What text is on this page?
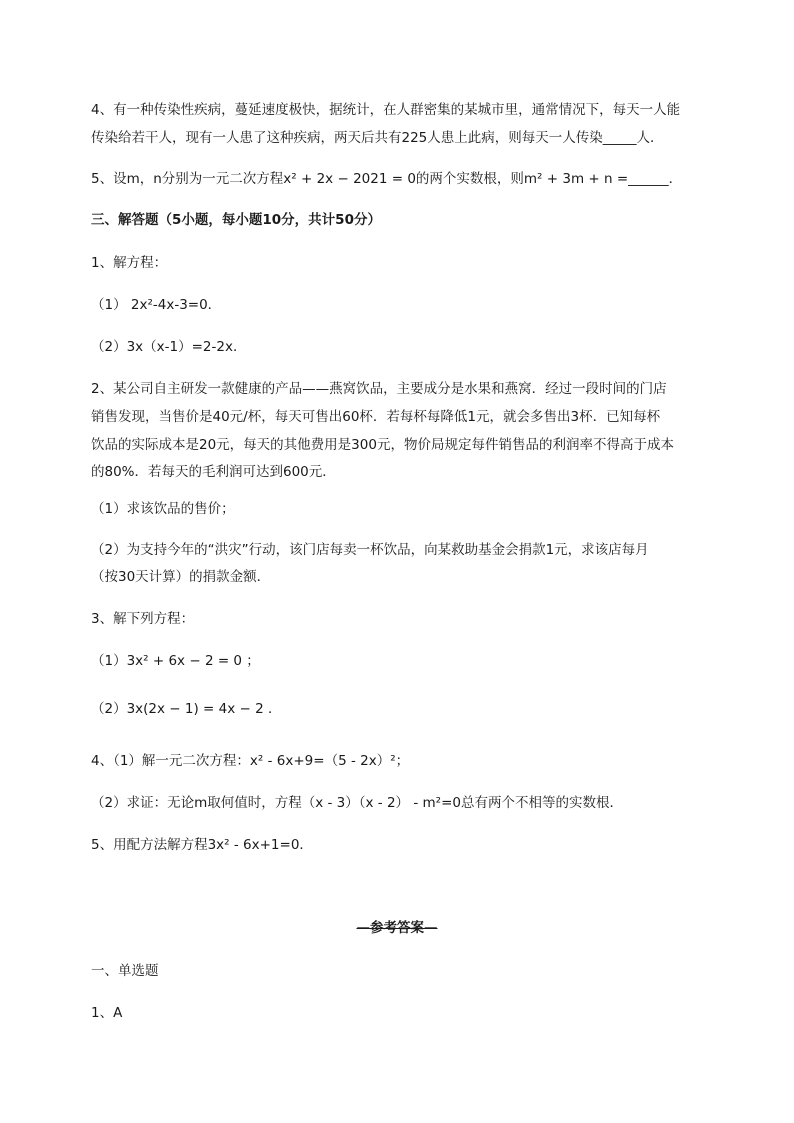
4、有一种传染性疾病，蔓延速度极快，据统计，在人群密集的某城市里，通常情况下，每天一人能
传染给若干人，现有一人患了这种疾病，两天后共有225人患上此病，则每天一人传染_____人．
5、设m，n分别为一元二次方程x² + 2x − 2021 = 0的两个实数根，则m² + 3m + n =______．
三、解答题（5小题，每小题10分，共计50分）
1、解方程：
（1） 2x²-4x-3=0．
（2）3x（x-1）=2-2x．
2、某公司自主研发一款健康的产品——燕窝饮品，主要成分是水果和燕窝．经过一段时间的门店
销售发现，当售价是40元/杯，每天可售出60杯．若每杯每降低1元，就会多售出3杯．已知每杯
饮品的实际成本是20元，每天的其他费用是300元，物价局规定每件销售品的利润率不得高于成本
的80%．若每天的毛利润可达到600元．
（1）求该饮品的售价；
（2）为支持今年的“洪灾”行动，该门店每卖一杯饮品，向某救助基金会捐款1元，求该店每月
（按30天计算）的捐款金额．
3、解下列方程：
（1）3x² + 6x − 2 = 0 ；
（2）3x(2x − 1) = 4x − 2 ．
4、（1）解一元二次方程：x² - 6x+9=（5 - 2x）²；
（2）求证：无论m取何值时，方程（x - 3）（x - 2） - m²=0总有两个不相等的实数根．
5、用配方法解方程3x² - 6x+1=0．
—参考答案—
一、单选题
1、A
